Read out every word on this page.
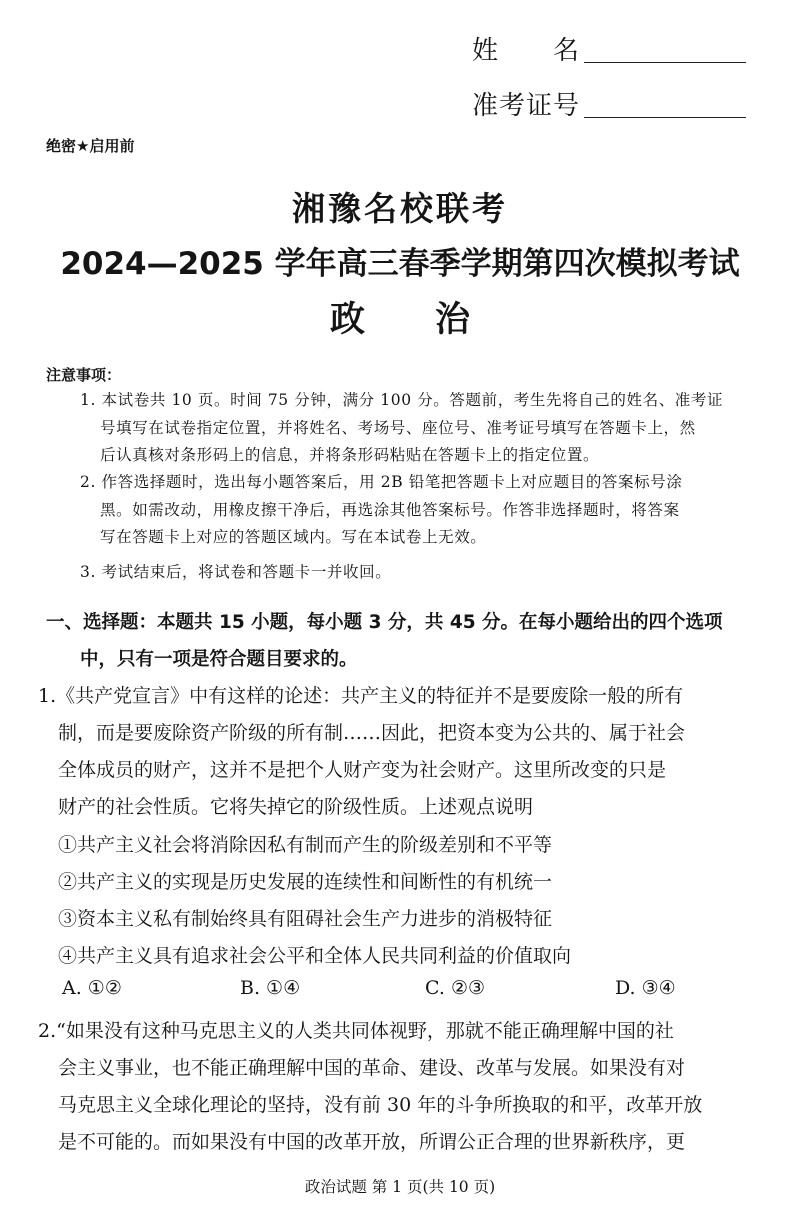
姓　　名
准考证号
绝密★启用前
湘豫名校联考
2024—2025 学年高三春季学期第四次模拟考试
政　　治
注意事项：
1. 本试卷共 10 页。时间 75 分钟，满分 100 分。答题前，考生先将自己的姓名、准考证
号填写在试卷指定位置，并将姓名、考场号、座位号、准考证号填写在答题卡上，然
后认真核对条形码上的信息，并将条形码粘贴在答题卡上的指定位置。
2. 作答选择题时，选出每小题答案后，用 2B 铅笔把答题卡上对应题目的答案标号涂
黑。如需改动，用橡皮擦干净后，再选涂其他答案标号。作答非选择题时，将答案
写在答题卡上对应的答题区域内。写在本试卷上无效。
3. 考试结束后，将试卷和答题卡一并收回。
一、选择题：本题共 15 小题，每小题 3 分，共 45 分。在每小题给出的四个选项
中，只有一项是符合题目要求的。
1.《共产党宣言》中有这样的论述：共产主义的特征并不是要废除一般的所有
制，而是要废除资产阶级的所有制……因此，把资本变为公共的、属于社会
全体成员的财产，这并不是把个人财产变为社会财产。这里所改变的只是
财产的社会性质。它将失掉它的阶级性质。上述观点说明
①共产主义社会将消除因私有制而产生的阶级差别和不平等
②共产主义的实现是历史发展的连续性和间断性的有机统一
③资本主义私有制始终具有阻碍社会生产力进步的消极特征
④共产主义具有追求社会公平和全体人民共同利益的价值取向
A. ①②	B. ①④	C. ②③	D. ③④
2.“如果没有这种马克思主义的人类共同体视野，那就不能正确理解中国的社
会主义事业，也不能正确理解中国的革命、建设、改革与发展。如果没有对
马克思主义全球化理论的坚持，没有前 30 年的斗争所换取的和平，改革开放
是不可能的。而如果没有中国的改革开放，所谓公正合理的世界新秩序，更
政治试题 第 1 页(共 10 页)
